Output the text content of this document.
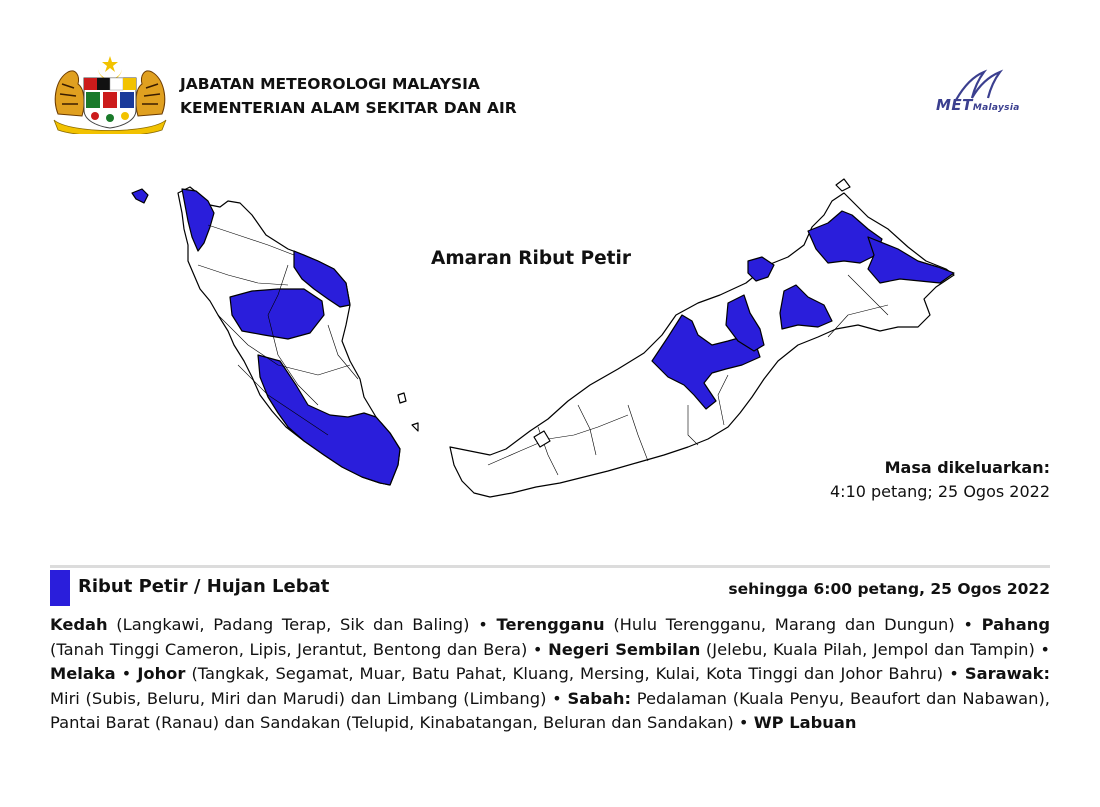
JABATAN METEOROLOGI MALAYSIA
KEMENTERIAN ALAM SEKITAR DAN AIR	METMalaysia
Amaran Ribut Petir
Masa dikeluarkan:
4:10 petang; 25 Ogos 2022
Ribut Petir / Hujan Lebat	sehingga 6:00 petang, 25 Ogos 2022
Kedah (Langkawi, Padang Terap, Sik dan Baling) • Terengganu (Hulu Terengganu, Marang dan Dungun) • Pahang (Tanah Tinggi Cameron, Lipis, Jerantut, Bentong dan Bera) • Negeri Sembilan (Jelebu, Kuala Pilah, Jempol dan Tampin) • Melaka • Johor (Tangkak, Segamat, Muar, Batu Pahat, Kluang, Mersing, Kulai, Kota Tinggi dan Johor Bahru) • Sarawak: Miri (Subis, Beluru, Miri dan Marudi) dan Limbang (Limbang) • Sabah: Pedalaman (Kuala Penyu, Beaufort dan Nabawan), Pantai Barat (Ranau) dan Sandakan (Telupid, Kinabatangan, Beluran dan Sandakan) • WP Labuan
